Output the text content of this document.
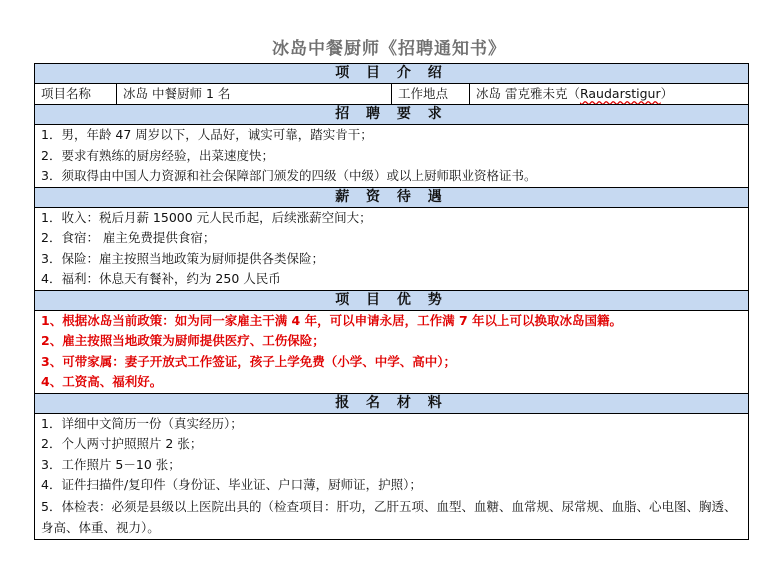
冰岛中餐厨师《招聘通知书》
项 目 介 绍
项目名称	冰岛 中餐厨师 1 名	工作地点	冰岛 雷克雅未克（Raudarstigur）
招 聘 要 求

1．男，年龄 47 周岁以下，人品好，诚实可靠，踏实肯干；
2．要求有熟练的厨房经验，出菜速度快；
3．须取得由中国人力资源和社会保障部门颁发的四级（中级）或以上厨师职业资格证书。

薪 资 待 遇

1．收入：税后月薪 15000 元人民币起，后续涨薪空间大；
2．食宿： 雇主免费提供食宿；
3．保险：雇主按照当地政策为厨师提供各类保险；
4．福利：休息天有餐补，约为 250 人民币

项 目 优 势

1、根据冰岛当前政策：如为同一家雇主干满 4 年，可以申请永居，工作满 7 年以上可以换取冰岛国籍。
2、雇主按照当地政策为厨师提供医疗、工伤保险；
3、可带家属：妻子开放式工作签证，孩子上学免费（小学、中学、高中）；
4、工资高、福利好。

报 名 材 料

1．详细中文简历一份（真实经历）；
2．个人两寸护照照片 2 张；
3．工作照片 5－10 张；
4．证件扫描件/复印件（身份证、毕业证、户口薄，厨师证，护照）；
5．体检表：必须是县级以上医院出具的（检查项目：肝功，乙肝五项、血型、血糖、血常规、尿常规、血脂、心电图、胸透、身高、体重、视力）。
